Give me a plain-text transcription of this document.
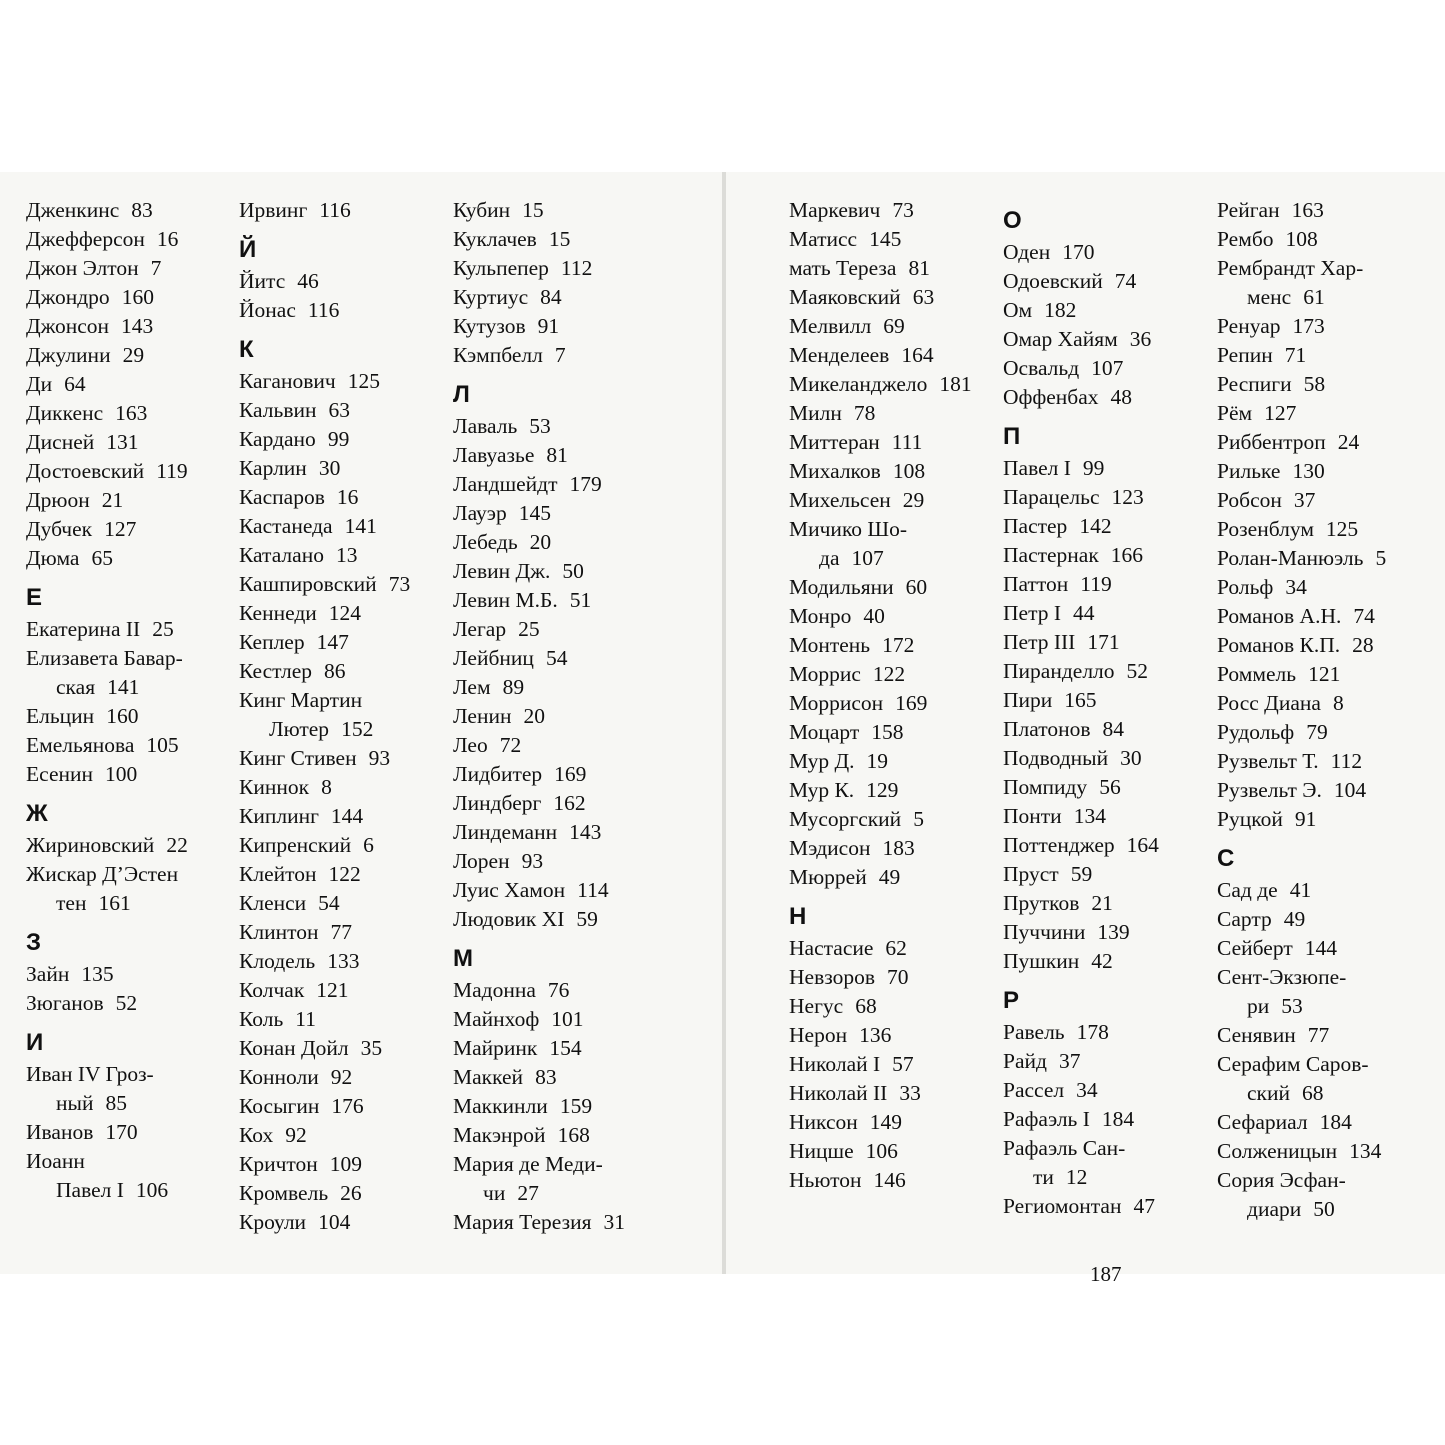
Дженкинс 83
Джефферсон 16
Джон Элтон 7
Джондро 160
Джонсон 143
Джулини 29
Ди 64
Диккенс 163
Дисней 131
Достоевский 119
Дрюон 21
Дубчек 127
Дюма 65
Е
Екатерина II 25
Елизавета Бавар-
ская 141
Ельцин 160
Емельянова 105
Есенин 100
Ж
Жириновский 22
Жискар Д’Эстен
тен 161
З
Зайн 135
Зюганов 52
И
Иван IV Гроз-
ный 85
Иванов 170
Иоанн
Павел I 106
Ирвинг 116
Й
Йитс 46
Йонас 116
К
Каганович 125
Кальвин 63
Кардано 99
Карлин 30
Каспаров 16
Кастанеда 141
Каталано 13
Кашпировский 73
Кеннеди 124
Кеплер 147
Кестлер 86
Кинг Мартин
Лютер 152
Кинг Стивен 93
Киннок 8
Киплинг 144
Кипренский 6
Клейтон 122
Кленси 54
Клинтон 77
Клодель 133
Колчак 121
Коль 11
Конан Дойл 35
Конноли 92
Косыгин 176
Кох 92
Кричтон 109
Кромвель 26
Кроули 104
Кубин 15
Куклачев 15
Кульпепер 112
Куртиус 84
Кутузов 91
Кэмпбелл 7
Л
Лаваль 53
Лавуазье 81
Ландшейдт 179
Лауэр 145
Лебедь 20
Левин Дж. 50
Левин М.Б. 51
Легар 25
Лейбниц 54
Лем 89
Ленин 20
Лео 72
Лидбитер 169
Линдберг 162
Линдеманн 143
Лорен 93
Луис Хамон 114
Людовик XI 59
М
Мадонна 76
Майнхоф 101
Майринк 154
Маккей 83
Маккинли 159
Макэнрой 168
Мария де Меди-
чи 27
Мария Терезия 31
Маркевич 73
Матисс 145
мать Тереза 81
Маяковский 63
Мелвилл 69
Менделеев 164
Микеланджело 181
Милн 78
Миттеран 111
Михалков 108
Михельсен 29
Мичико Шо-
да 107
Модильяни 60
Монро 40
Монтень 172
Моррис 122
Моррисон 169
Моцарт 158
Мур Д. 19
Мур К. 129
Мусоргский 5
Мэдисон 183
Мюррей 49
Н
Настасие 62
Невзоров 70
Негус 68
Нерон 136
Николай I 57
Николай II 33
Никсон 149
Ницше 106
Ньютон 146
О
Оден 170
Одоевский 74
Ом 182
Омар Хайям 36
Освальд 107
Оффенбах 48
П
Павел I 99
Парацельс 123
Пастер 142
Пастернак 166
Паттон 119
Петр I 44
Петр III 171
Пиранделло 52
Пири 165
Платонов 84
Подводный 30
Помпиду 56
Понти 134
Поттенджер 164
Пруст 59
Прутков 21
Пуччини 139
Пушкин 42
Р
Равель 178
Райд 37
Рассел 34
Рафаэль I 184
Рафаэль Сан-
ти 12
Региомонтан 47
Рейган 163
Рембо 108
Рембрандт Хар-
менс 61
Ренуар 173
Репин 71
Респиги 58
Рём 127
Риббентроп 24
Рильке 130
Робсон 37
Розенблум 125
Ролан-Манюэль 5
Рольф 34
Романов А.Н. 74
Романов К.П. 28
Роммель 121
Росс Диана 8
Рудольф 79
Рузвельт Т. 112
Рузвельт Э. 104
Руцкой 91
С
Сад де 41
Сартр 49
Сейберт 144
Сент-Экзюпе-
ри 53
Сенявин 77
Серафим Саров-
ский 68
Сефариал 184
Солженицын 134
Сория Эсфан-
диари 50
187
